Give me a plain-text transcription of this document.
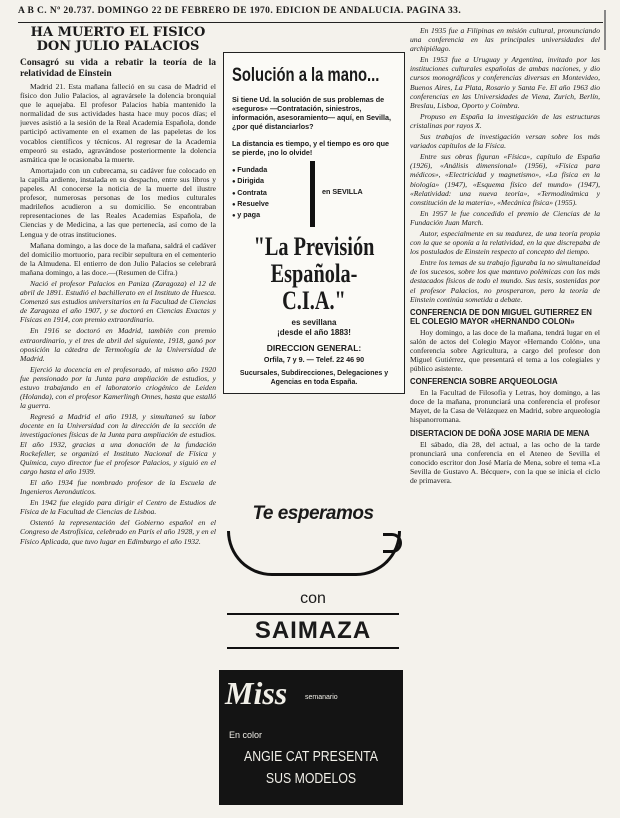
A B C. Nº 20.737. DOMINGO 22 DE FEBRERO DE 1970. EDICION DE ANDALUCIA. PAGINA 33.
HA MUERTO EL FISICO DON JULIO PALACIOS
Consagró su vida a rebatir la teoría de la relatividad de Einstein

Madrid 21. Esta mañana falleció en su casa de Madrid el físico don Julio Palacios, al agravársele la dolencia bronquial que le aquejaba. El profesor Palacios había mantenido la normalidad de sus actividades hasta hace muy pocos días; el jueves asistió a la sesión de la Real Academia Española, donde participó activamente en el examen de las papeletas de los vocablos científicos y técnicos. Al regresar de la Academia empeoró su estado, agravándose posteriormente la dolencia asmática que le ocasionaba la muerte.

Amortajado con un cubrecama, su cadáver fue colocado en la capilla ardiente, instalada en su despacho, entre sus libros y papeles. Al conocerse la noticia de la muerte del ilustre profesor, numerosas personas de los medios culturales madrileños acudieron a su domicilio. Se encontraban representaciones de las Reales Academias Española, de Ciencias y de Medicina, a las que pertenecía, así como de la Lengua y de otras instituciones.

Mañana domingo, a las doce de la mañana, saldrá el cadáver del domicilio mortuorio, para recibir sepultura en el cementerio de la Almudena. El entierro de don Julio Palacios se celebrará mañana domingo, a las doce.—(Resumen de Cifra.)

Nació el profesor Palacios en Paniza (Zaragoza) el 12 de abril de 1891. Estudió el bachillerato en el Instituto de Huesca. Comenzó sus estudios universitarios en la Facultad de Ciencias de Zaragoza el año 1907, y se doctoró en Ciencias Exactas y Físicas en 1914, con premio extraordinario.

En 1916 se doctoró en Madrid, también con premio extraordinario, y el tres de abril del siguiente, 1918, ganó por oposición la cátedra de Termología de la Universidad de Madrid.

Ejerció la docencia en el profesorado, al mismo año 1920 fue pensionado por la Junta para ampliación de estudios, y estuvo trabajando en el laboratorio criogénico de Leiden (Holanda), con el profesor Kamerlingh Onnes, hasta que estalló la guerra.

Regresó a Madrid el año 1918, y simultaneó su labor docente en la Universidad con la dirección de la sección de investigaciones físicas de la Junta para ampliación de estudios. El año 1932, gracias a una donación de la fundación Rockefeller, se organizó el Instituto Nacional de Física y Química, cuyo director fue el profesor Palacios, y siguió en el cargo hasta el año 1939.

El año 1934 fue nombrado profesor de la Escuela de Ingenieros Aeronáuticos.

En 1942 fue elegido para dirigir el Centro de Estudios de Física de la Facultad de Ciencias de Lisboa.

Ostentó la representación del Gobierno español en el Congreso de Astrofísica, celebrado en París el año 1928, y en el Físico Aplicada, que tuvo lugar en Edimburgo el año 1932.

Solución a la mano...
Si tiene Ud. la solución de sus problemas de «seguros» —Contratación, siniestros, información, asesoramiento— aquí, en Sevilla, ¿por qué distanciarlos?
La distancia es tiempo, y el tiempo es oro que se pierde, ¡no lo olvide!
● Fundada
● Dirigida
● Contrata
● Resuelve
● y paga
en SEVILLA
"La Previsión Española-C.I.A."
es sevillana
¡desde el año 1883!
DIRECCION GENERAL:
Orfila, 7 y 9. — Telef. 22 46 90
Sucursales, Subdirecciones, Delegaciones y Agencias en toda España.
Te esperamos
con
SAIMAZA
Miss	semanario
En color
ANGIE CAT PRESENTA
SUS MODELOS

En 1935 fue a Filipinas en misión cultural, pronunciando una conferencia en las principales universidades del archipiélago.

En 1953 fue a Uruguay y Argentina, invitado por las instituciones culturales españolas de ambas naciones, y dio cursos monográficos y conferencias diversas en Montevideo, Buenos Aires, La Plata, Rosario y Santa Fe. El año 1963 dio conferencias en las Universidades de Viena, Zurich, Berlín, Breslau, Lisboa, Oporto y Coimbra.

Propuso en España la investigación de las estructuras cristalinas por rayos X.

Sus trabajos de investigación versan sobre los más variados capítulos de la Física.

Entre sus obras figuran «Física», capítulo de España (1926), «Análisis dimensional» (1956), «Física para médicos», «Electricidad y magnetismo», «La física en la biología» (1947), «Esquema físico del mundo» (1947), «Relatividad: una nueva teoría», «Termodinámica y constitución de la materia», «Mecánica física» (1955).

En 1957 le fue concedido el premio de Ciencias de la Fundación Juan March.

Autor, especialmente en su madurez, de una teoría propia con la que se oponía a la relatividad, en la que discrepaba de los postulados de Einstein respecto al concepto del tiempo.

Entre los temas de su trabajo figuraba la no simultaneidad de los sucesos, sobre los que mantuvo polémicas con los más destacados físicos de todo el mundo. Sus tesis, sostenidas por el profesor Palacios, no prosperaron, pero la teoría de Einstein continúa sometida a debate.

CONFERENCIA DE DON MIGUEL GUTIERREZ EN EL COLEGIO MAYOR «HERNANDO COLON»

Hoy domingo, a las doce de la mañana, tendrá lugar en el salón de actos del Colegio Mayor «Hernando Colón», una conferencia sobre Agricultura, a cargo del profesor don Miguel Gutiérrez, que presentará el tema a los colegiales y público asistente.

CONFERENCIA SOBRE ARQUEOLOGIA

En la Facultad de Filosofía y Letras, hoy domingo, a las doce de la mañana, pronunciará una conferencia el profesor Mayet, de la Casa de Velázquez en Madrid, sobre arqueología hispanorromana.

DISERTACION DE DOÑA JOSE MARIA DE MENA

El sábado, día 28, del actual, a las ocho de la tarde pronunciará una conferencia en el Ateneo de Sevilla el conocido escritor don José María de Mena, sobre el tema «La Sevilla de Gustavo A. Bécquer», con la que se inicia el ciclo de primavera.
